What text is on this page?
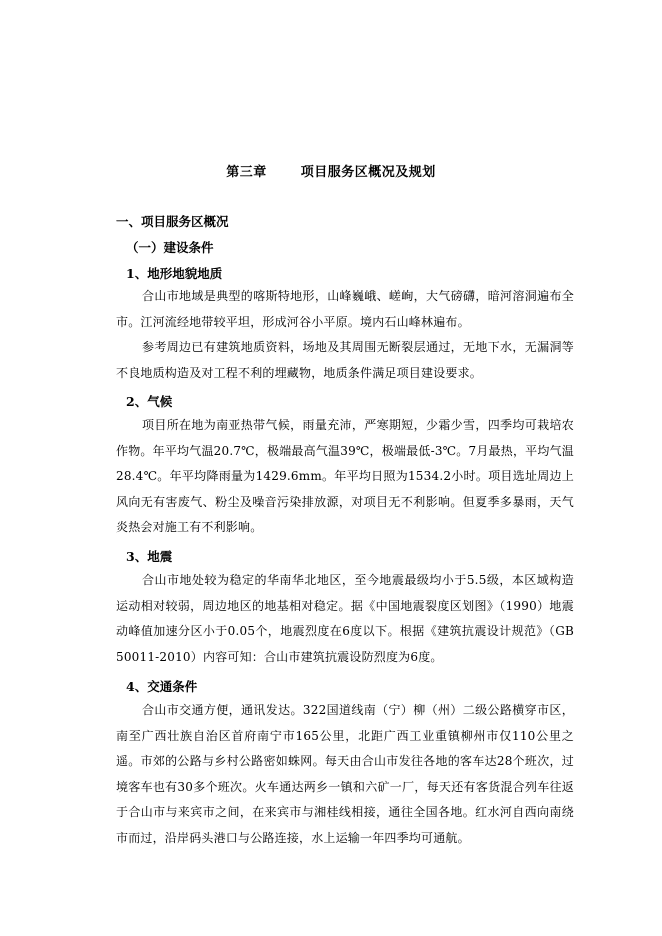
第三章	项目服务区概况及规划
一、项目服务区概况
（一）建设条件
1、地形地貌地质

合山市地域是典型的喀斯特地形，山峰巍峨、嵯峋，大气磅礴，暗河溶洞遍布全市。江河流经地带较平坦，形成河谷小平原。境内石山峰林遍布。

参考周边已有建筑地质资料，场地及其周围无断裂层通过，无地下水，无漏洞等不良地质构造及对工程不利的埋藏物，地质条件满足项目建设要求。

2、气候

项目所在地为南亚热带气候，雨量充沛，严寒期短，少霜少雪，四季均可栽培农作物。年平均气温20.7℃，极端最高气温39℃，极端最低-3℃。7月最热，平均气温28.4℃。年平均降雨量为1429.6mm。年平均日照为1534.2小时。项目选址周边上风向无有害废气、粉尘及噪音污染排放源，对项目无不利影响。但夏季多暴雨，天气炎热会对施工有不利影响。

3、地震

合山市地处较为稳定的华南华北地区，至今地震最级均小于5.5级，本区域构造运动相对较弱，周边地区的地基相对稳定。据《中国地震裂度区划图》（1990）地震动峰值加速分区小于0.05个，地震烈度在6度以下。根据《建筑抗震设计规范》（GB 50011-2010）内容可知：合山市建筑抗震设防烈度为6度。

4、交通条件

合山市交通方便，通讯发达。322国道线南（宁）柳（州）二级公路横穿市区，南至广西壮族自治区首府南宁市165公里，北距广西工业重镇柳州市仅110公里之遥。市郊的公路与乡村公路密如蛛网。每天由合山市发往各地的客车达28个班次，过境客车也有30多个班次。火车通达两乡一镇和六矿一厂，每天还有客货混合列车往返于合山市与来宾市之间，在来宾市与湘桂线相接，通往全国各地。红水河自西向南绕市而过，沿岸码头港口与公路连接，水上运输一年四季均可通航。
